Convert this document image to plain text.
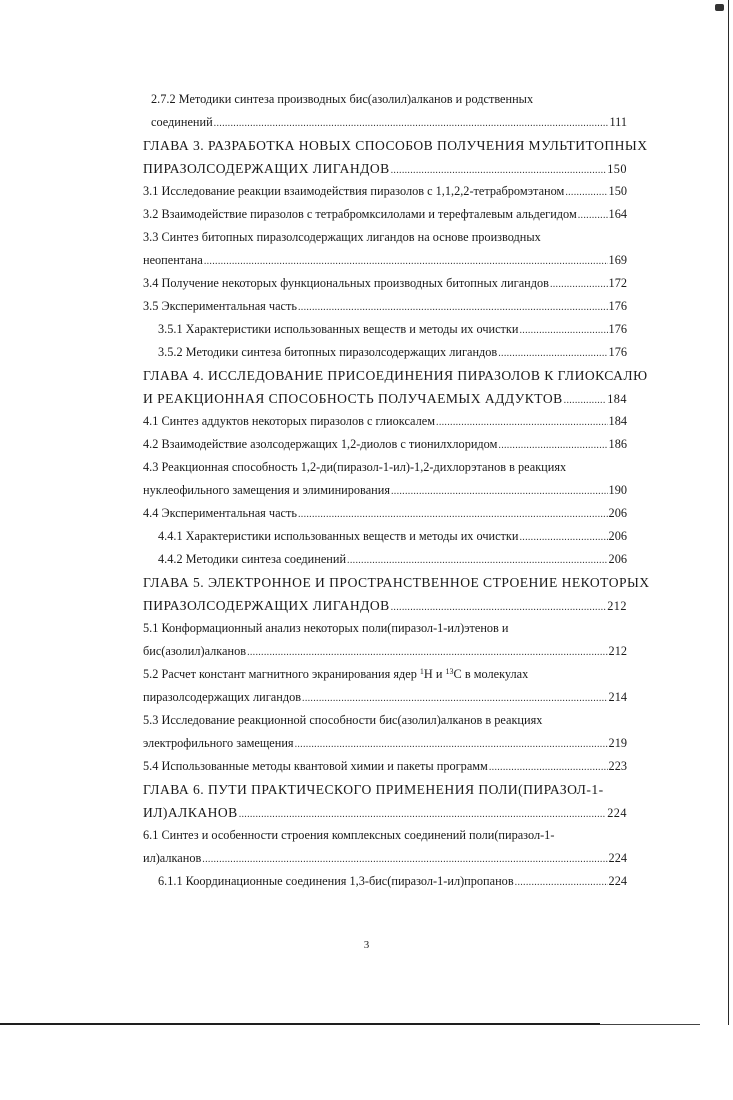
2.7.2 Методики синтеза производных бис(азолил)алканов и родственных
соединений .....	111
ГЛАВА 3. РАЗРАБОТКА НОВЫХ СПОСОБОВ ПОЛУЧЕНИЯ МУЛЬТИТОПНЫХ
ПИРАЗОЛСОДЕРЖАЩИХ ЛИГАНДОВ .....	150
3.1 Исследование реакции взаимодействия пиразолов с 1,1,2,2-тетрабромэтаном .....	150
3.2 Взаимодействие пиразолов с тетрабромксилолами и терефталевым альдегидом .....	164
3.3 Синтез битопных пиразолсодержащих лигандов на основе производных
неопентана .....	169
3.4 Получение некоторых функциональных производных битопных лигандов .....	172
3.5 Экспериментальная часть .....	176
3.5.1 Характеристики использованных веществ и методы их очистки .....	176
3.5.2 Методики синтеза битопных пиразолсодержащих лигандов .....	176
ГЛАВА 4. ИССЛЕДОВАНИЕ ПРИСОЕДИНЕНИЯ ПИРАЗОЛОВ К ГЛИОКСАЛЮ
И РЕАКЦИОННАЯ СПОСОБНОСТЬ ПОЛУЧАЕМЫХ АДДУКТОВ .....	184
4.1 Синтез аддуктов некоторых пиразолов с глиоксалем .....	184
4.2 Взаимодействие азолсодержащих 1,2-диолов с тионилхлоридом .....	186
4.3 Реакционная способность 1,2-ди(пиразол-1-ил)-1,2-дихлорэтанов в реакциях
нуклеофильного замещения и элиминирования .....	190
4.4 Экспериментальная часть .....	206
4.4.1 Характеристики использованных веществ и методы их очистки .....	206
4.4.2 Методики синтеза соединений .....	206
ГЛАВА 5. ЭЛЕКТРОННОЕ И ПРОСТРАНСТВЕННОЕ СТРОЕНИЕ НЕКОТОРЫХ
ПИРАЗОЛСОДЕРЖАЩИХ ЛИГАНДОВ .....	212
5.1 Конформационный анализ некоторых поли(пиразол-1-ил)этенов и
бис(азолил)алканов .....	212
5.2 Расчет констант магнитного экранирования ядер $^1$H и $^{13}$C в молекулах
пиразолсодержащих лигандов .....	214
5.3 Исследование реакционной способности бис(азолил)алканов в реакциях
электрофильного замещения .....	219
5.4 Использованные методы квантовой химии и пакеты программ .....	223
ГЛАВА 6. ПУТИ ПРАКТИЧЕСКОГО ПРИМЕНЕНИЯ ПОЛИ(ПИРАЗОЛ-1-
ИЛ)АЛКАНОВ .....	224
6.1 Синтез и особенности строения комплексных соединений поли(пиразол-1-
ил)алканов .....	224
6.1.1 Координационные соединения 1,3-бис(пиразол-1-ил)пропанов .....	224
3
